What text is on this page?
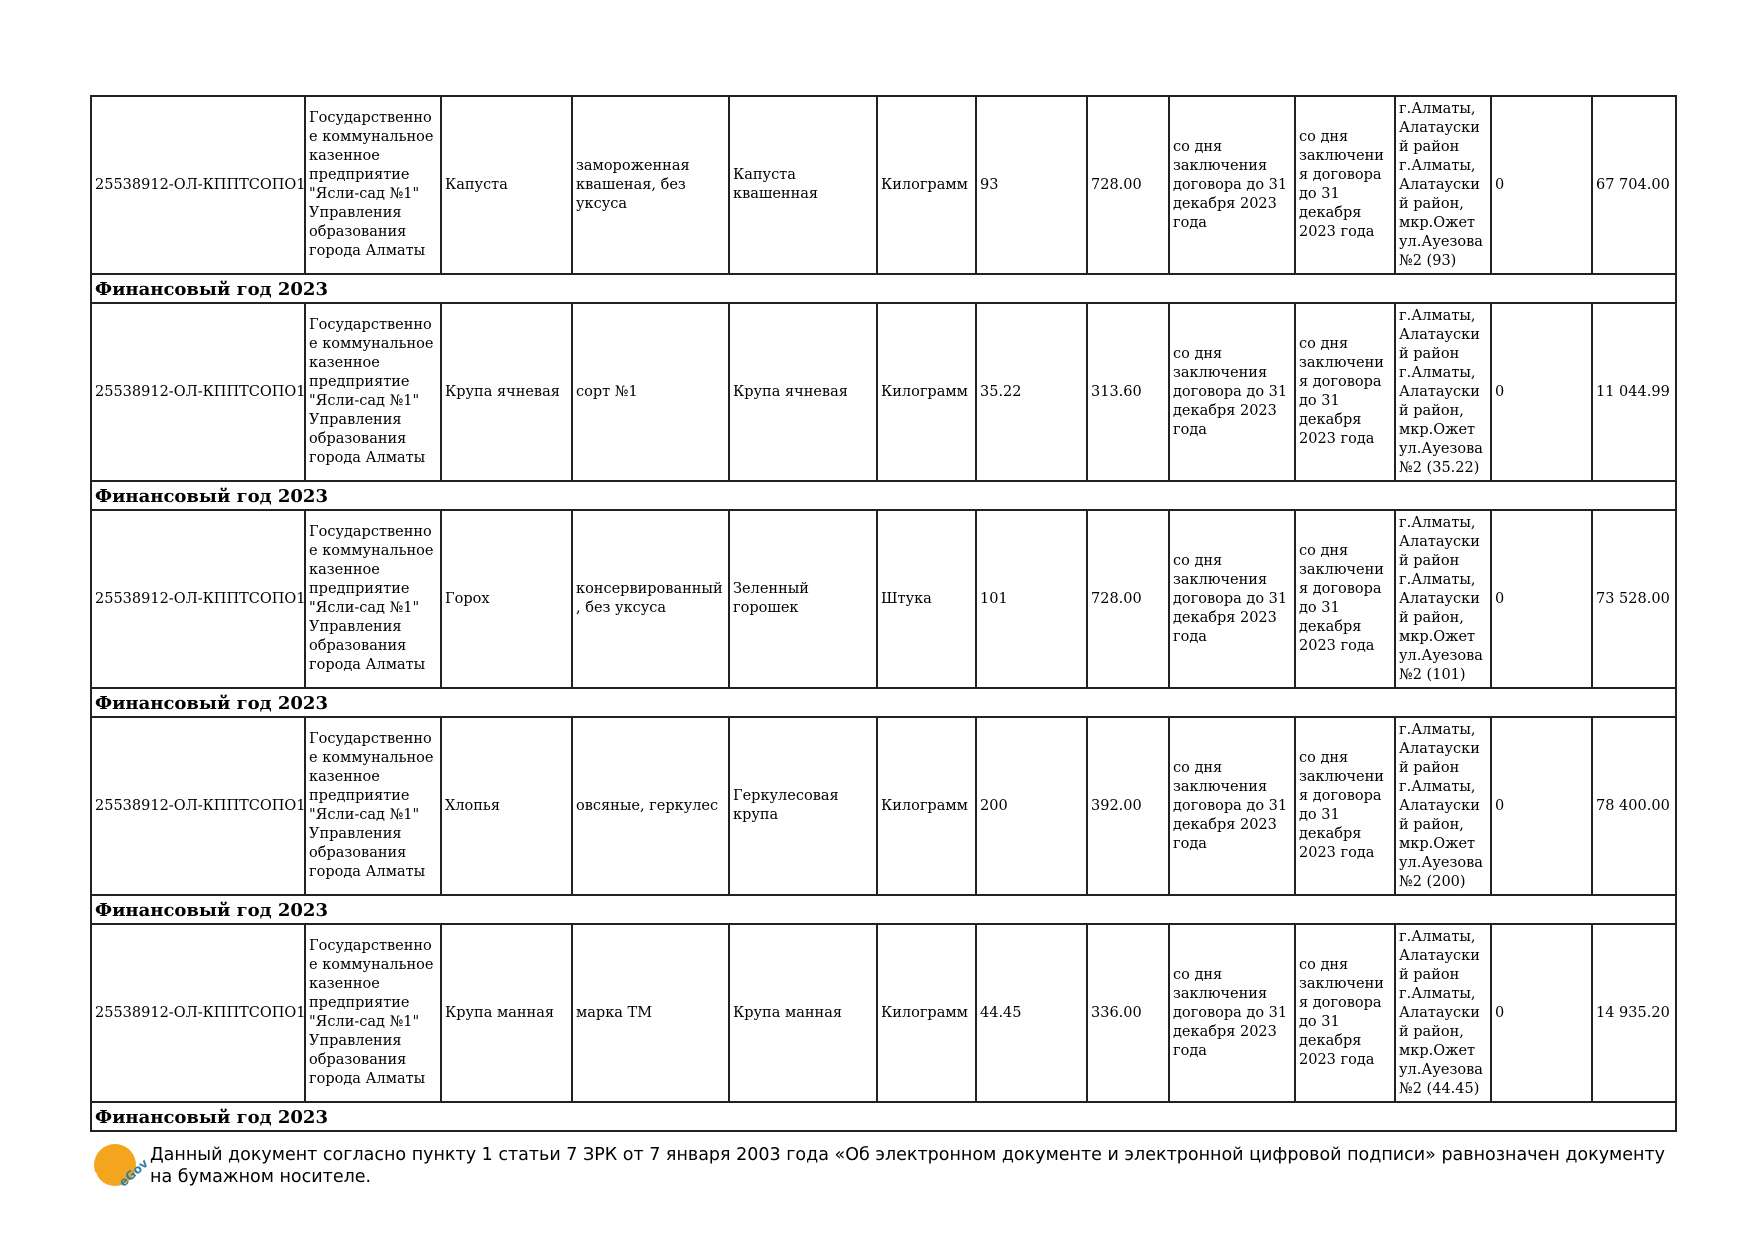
25538912-ОЛ-КППТСОПО1	Государственное коммунальное казенное предприятие "Ясли-сад №1" Управления образования города Алматы	Капуста	замороженная квашеная, без уксуса	Капуста квашенная	Килограмм	93	728.00	со дня заключения договора до 31 декабря 2023 года	со дня заключения договора до 31 декабря 2023 года	г.Алматы, Алатауский район г.Алматы, Алатауский район, мкр.Ожет ул.Ауезова №2 (93)	0	67 704.00
Финансовый год 2023												
25538912-ОЛ-КППТСОПО1	Государственное коммунальное казенное предприятие "Ясли-сад №1" Управления образования города Алматы	Крупа ячневая	сорт №1	Крупа ячневая	Килограмм	35.22	313.60	со дня заключения договора до 31 декабря 2023 года	со дня заключения договора до 31 декабря 2023 года	г.Алматы, Алатауский район г.Алматы, Алатауский район, мкр.Ожет ул.Ауезова №2 (35.22)	0	11 044.99
Финансовый год 2023												
25538912-ОЛ-КППТСОПО1	Государственное коммунальное казенное предприятие "Ясли-сад №1" Управления образования города Алматы	Горох	консервированный, без уксуса	Зеленный горошек	Штука	101	728.00	со дня заключения договора до 31 декабря 2023 года	со дня заключения договора до 31 декабря 2023 года	г.Алматы, Алатауский район г.Алматы, Алатауский район, мкр.Ожет ул.Ауезова №2 (101)	0	73 528.00
Финансовый год 2023												
25538912-ОЛ-КППТСОПО1	Государственное коммунальное казенное предприятие "Ясли-сад №1" Управления образования города Алматы	Хлопья	овсяные, геркулес	Геркулесовая крупа	Килограмм	200	392.00	со дня заключения договора до 31 декабря 2023 года	со дня заключения договора до 31 декабря 2023 года	г.Алматы, Алатауский район г.Алматы, Алатауский район, мкр.Ожет ул.Ауезова №2 (200)	0	78 400.00
Финансовый год 2023												
25538912-ОЛ-КППТСОПО1	Государственное коммунальное казенное предприятие "Ясли-сад №1" Управления образования города Алматы	Крупа манная	марка ТМ	Крупа манная	Килограмм	44.45	336.00	со дня заключения договора до 31 декабря 2023 года	со дня заключения договора до 31 декабря 2023 года	г.Алматы, Алатауский район г.Алматы, Алатауский район, мкр.Ожет ул.Ауезова №2 (44.45)	0	14 935.20
Финансовый год 2023												
eGov
Данный документ согласно пункту 1 статьи 7 ЗРК от 7 января 2003 года «Об электронном документе и электронной цифровой подписи» равнозначен документу на бумажном носителе.
